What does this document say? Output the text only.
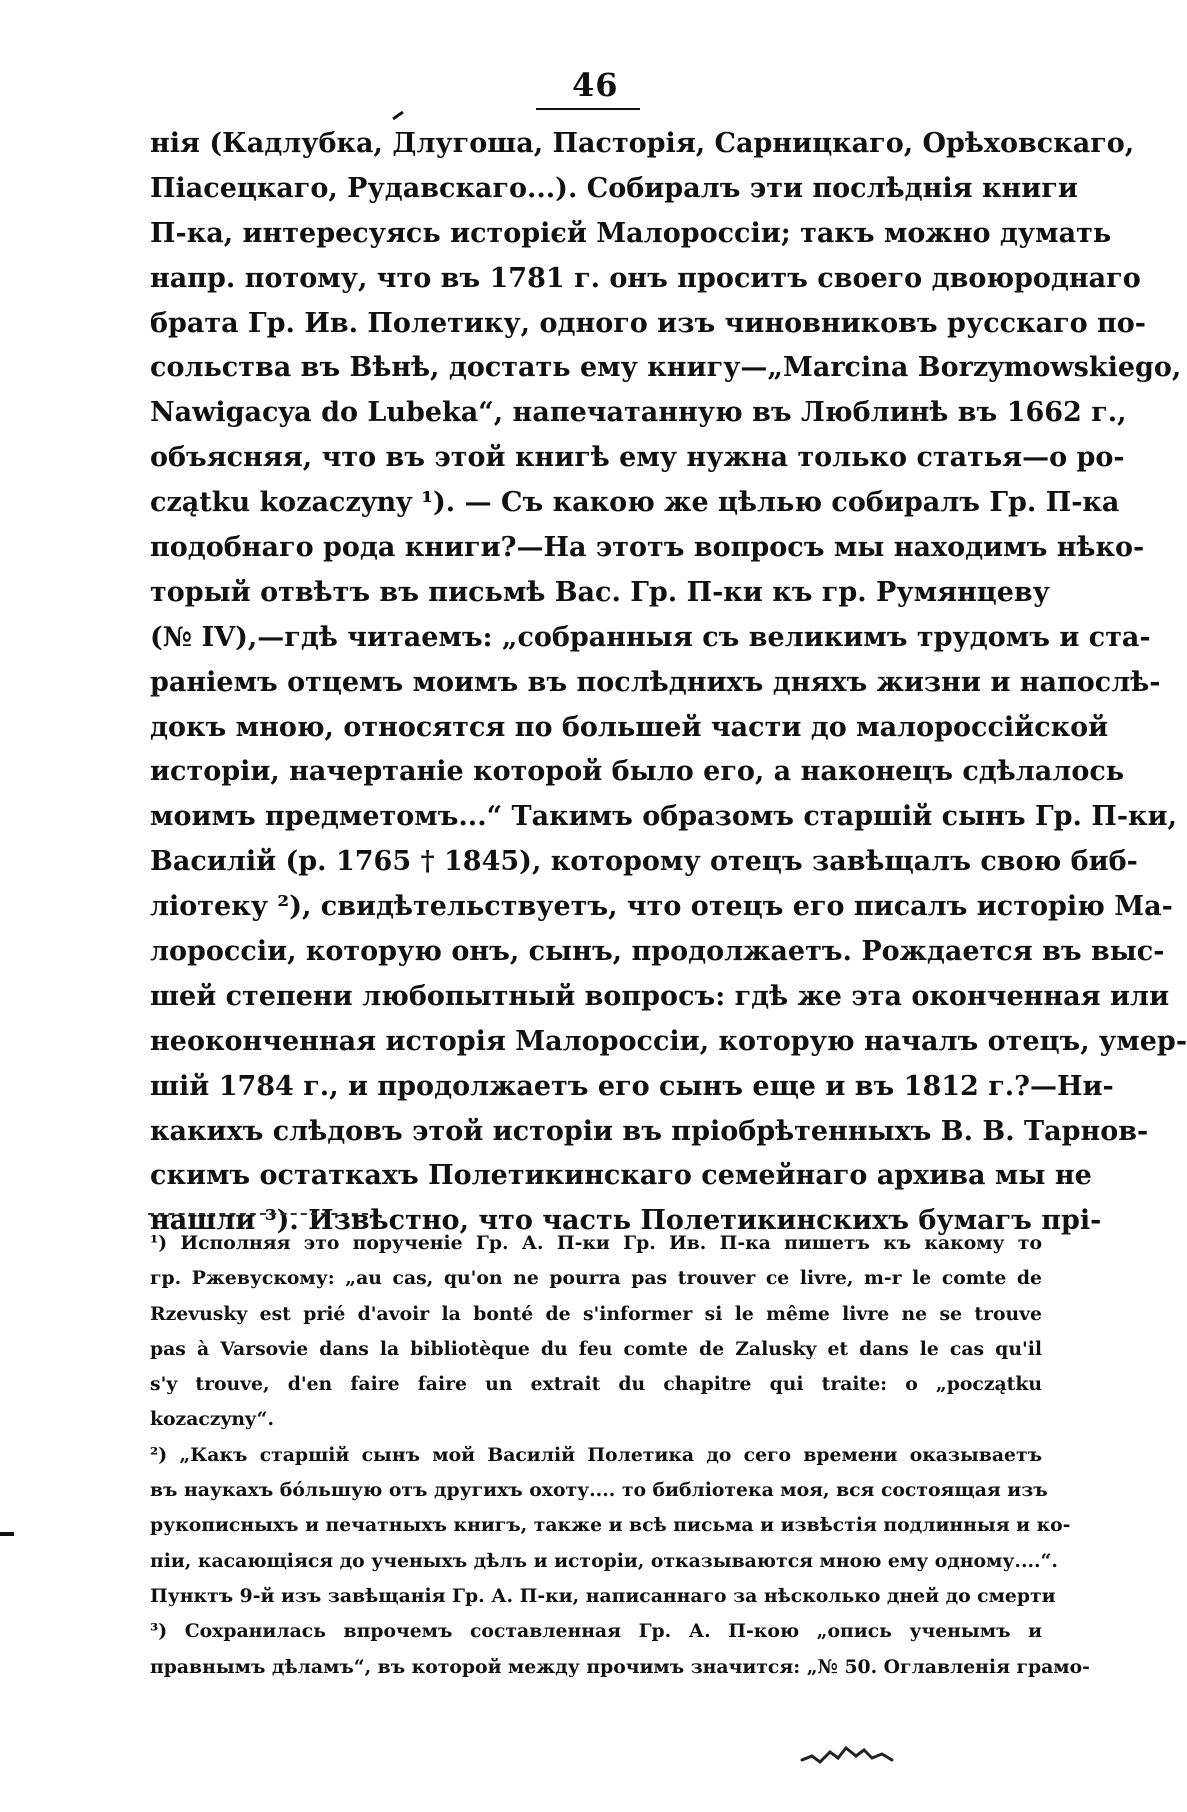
46
нія (Кадлубка, Длугоша, Пасторія, Сарницкаго, Орѣховскаго,
Піасецкаго, Рудавскаго...). Собиралъ эти послѣднія книги
П-ка, интересуясь исторієй Малороссіи; такъ можно думать
напр. потому, что въ 1781 г. онъ проситъ своего двоюроднаго
брата Гр. Ив. Полетику, одного изъ чиновниковъ русскаго по-
сольства въ Вѣнѣ, достать ему книгу—„Marcina Borzymowskiego,
Nawigacya do Lubeka“, напечатанную въ Люблинѣ въ 1662 г.,
объясняя, что въ этой книгѣ ему нужна только статья—о ро-
czątku kozaczyny ¹). — Съ какою же цѣлью собиралъ Гр. П-ка
подобнаго рода книги?—На этотъ вопросъ мы находимъ нѣко-
торый отвѣтъ въ письмѣ Вас. Гр. П-ки къ гр. Румянцеву
(№ IV),—гдѣ читаемъ: „собранныя съ великимъ трудомъ и ста-
раніемъ отцемъ моимъ въ послѣднихъ дняхъ жизни и напослѣ-
докъ мною, относятся по большей части до малороссійской
исторіи, начертаніе которой было его, а наконецъ сдѣлалось
моимъ предметомъ...“ Такимъ образомъ старшій сынъ Гр. П-ки,
Василій (р. 1765 † 1845), которому отецъ завѣщалъ свою биб-
ліотеку ²), свидѣтельствуетъ, что отецъ его писалъ исторію Ма-
лороссіи, которую онъ, сынъ, продолжаетъ. Рождается въ выс-
шей степени любопытный вопросъ: гдѣ же эта оконченная или
неоконченная исторія Малороссіи, которую началъ отецъ, умер-
шій 1784 г., и продолжаетъ его сынъ еще и въ 1812 г.?—Ни-
какихъ слѣдовъ этой исторіи въ пріобрѣтенныхъ В. В. Тарнов-
скимъ остаткахъ Полетикинскаго семейнаго архива мы не
нашли ³). Извѣстно, что часть Полетикинскихъ бумагъ прі-
¹) Исполняя это порученіе Гр. А. П-ки Гр. Ив. П-ка пишетъ къ какому то
гр. Ржевускому: „au cas, qu'on ne pourra pas trouver ce livre, m-r le comte de
Rzevusky est prié d'avoir la bonté de s'informer si le même livre ne se trouve
pas à Varsovie dans la bibliotèque du feu comte de Zalusky et dans le cas qu'il
s'y trouve, d'en faire faire un extrait du chapitre qui traite: o „początku
kozaczyny“.
²) „Какъ старшій сынъ мой Василій Полетика до сего времени оказываетъ
въ наукахъ бóльшую отъ другихъ охоту.... то библіотека моя, вся состоящая изъ
рукописныхъ и печатныхъ книгъ, также и всѣ письма и извѣстія подлинныя и ко-
піи, касающіяся до ученыхъ дѣлъ и исторіи, отказываются мною ему одному....“.
Пунктъ 9-й изъ завѣщанія Гр. А. П-ки, написаннаго за нѣсколько дней до смерти
³) Сохранилась впрочемъ составленная Гр. А. П-кою „опись ученымъ и
правнымъ дѣламъ“, въ которой между прочимъ значится: „№ 50. Оглавленія грамо-
